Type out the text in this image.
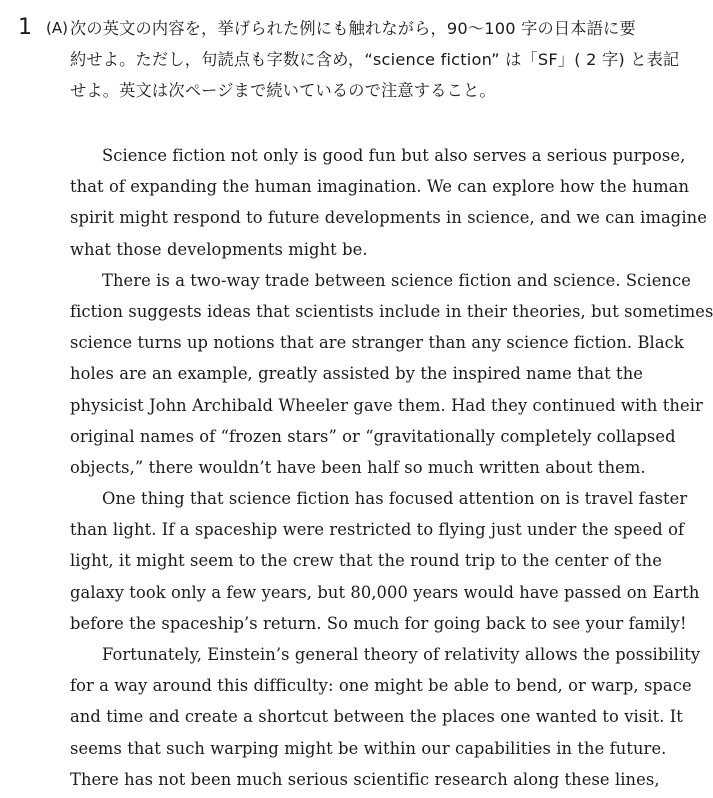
1 (A) 次の英文の内容を，挙げられた例にも触れながら，90〜100 字の日本語に要
約せよ。ただし，句読点も字数に含め，“science fiction” は「SF」( 2 字) と表記
せよ。英文は次ページまで続いているので注意すること。
Science fiction not only is good fun but also serves a serious purpose,
that of expanding the human imagination. We can explore how the human
spirit might respond to future developments in science, and we can imagine
what those developments might be.
There is a two-way trade between science fiction and science. Science
fiction suggests ideas that scientists include in their theories, but sometimes
science turns up notions that are stranger than any science fiction. Black
holes are an example, greatly assisted by the inspired name that the
physicist John Archibald Wheeler gave them. Had they continued with their
original names of “frozen stars” or “gravitationally completely collapsed
objects,” there wouldn’t have been half so much written about them.
One thing that science fiction has focused attention on is travel faster
than light. If a spaceship were restricted to flying just under the speed of
light, it might seem to the crew that the round trip to the center of the
galaxy took only a few years, but 80,000 years would have passed on Earth
before the spaceship’s return. So much for going back to see your family!
Fortunately, Einstein’s general theory of relativity allows the possibility
for a way around this difficulty: one might be able to bend, or warp, space
and time and create a shortcut between the places one wanted to visit. It
seems that such warping might be within our capabilities in the future.
There has not been much serious scientific research along these lines,
